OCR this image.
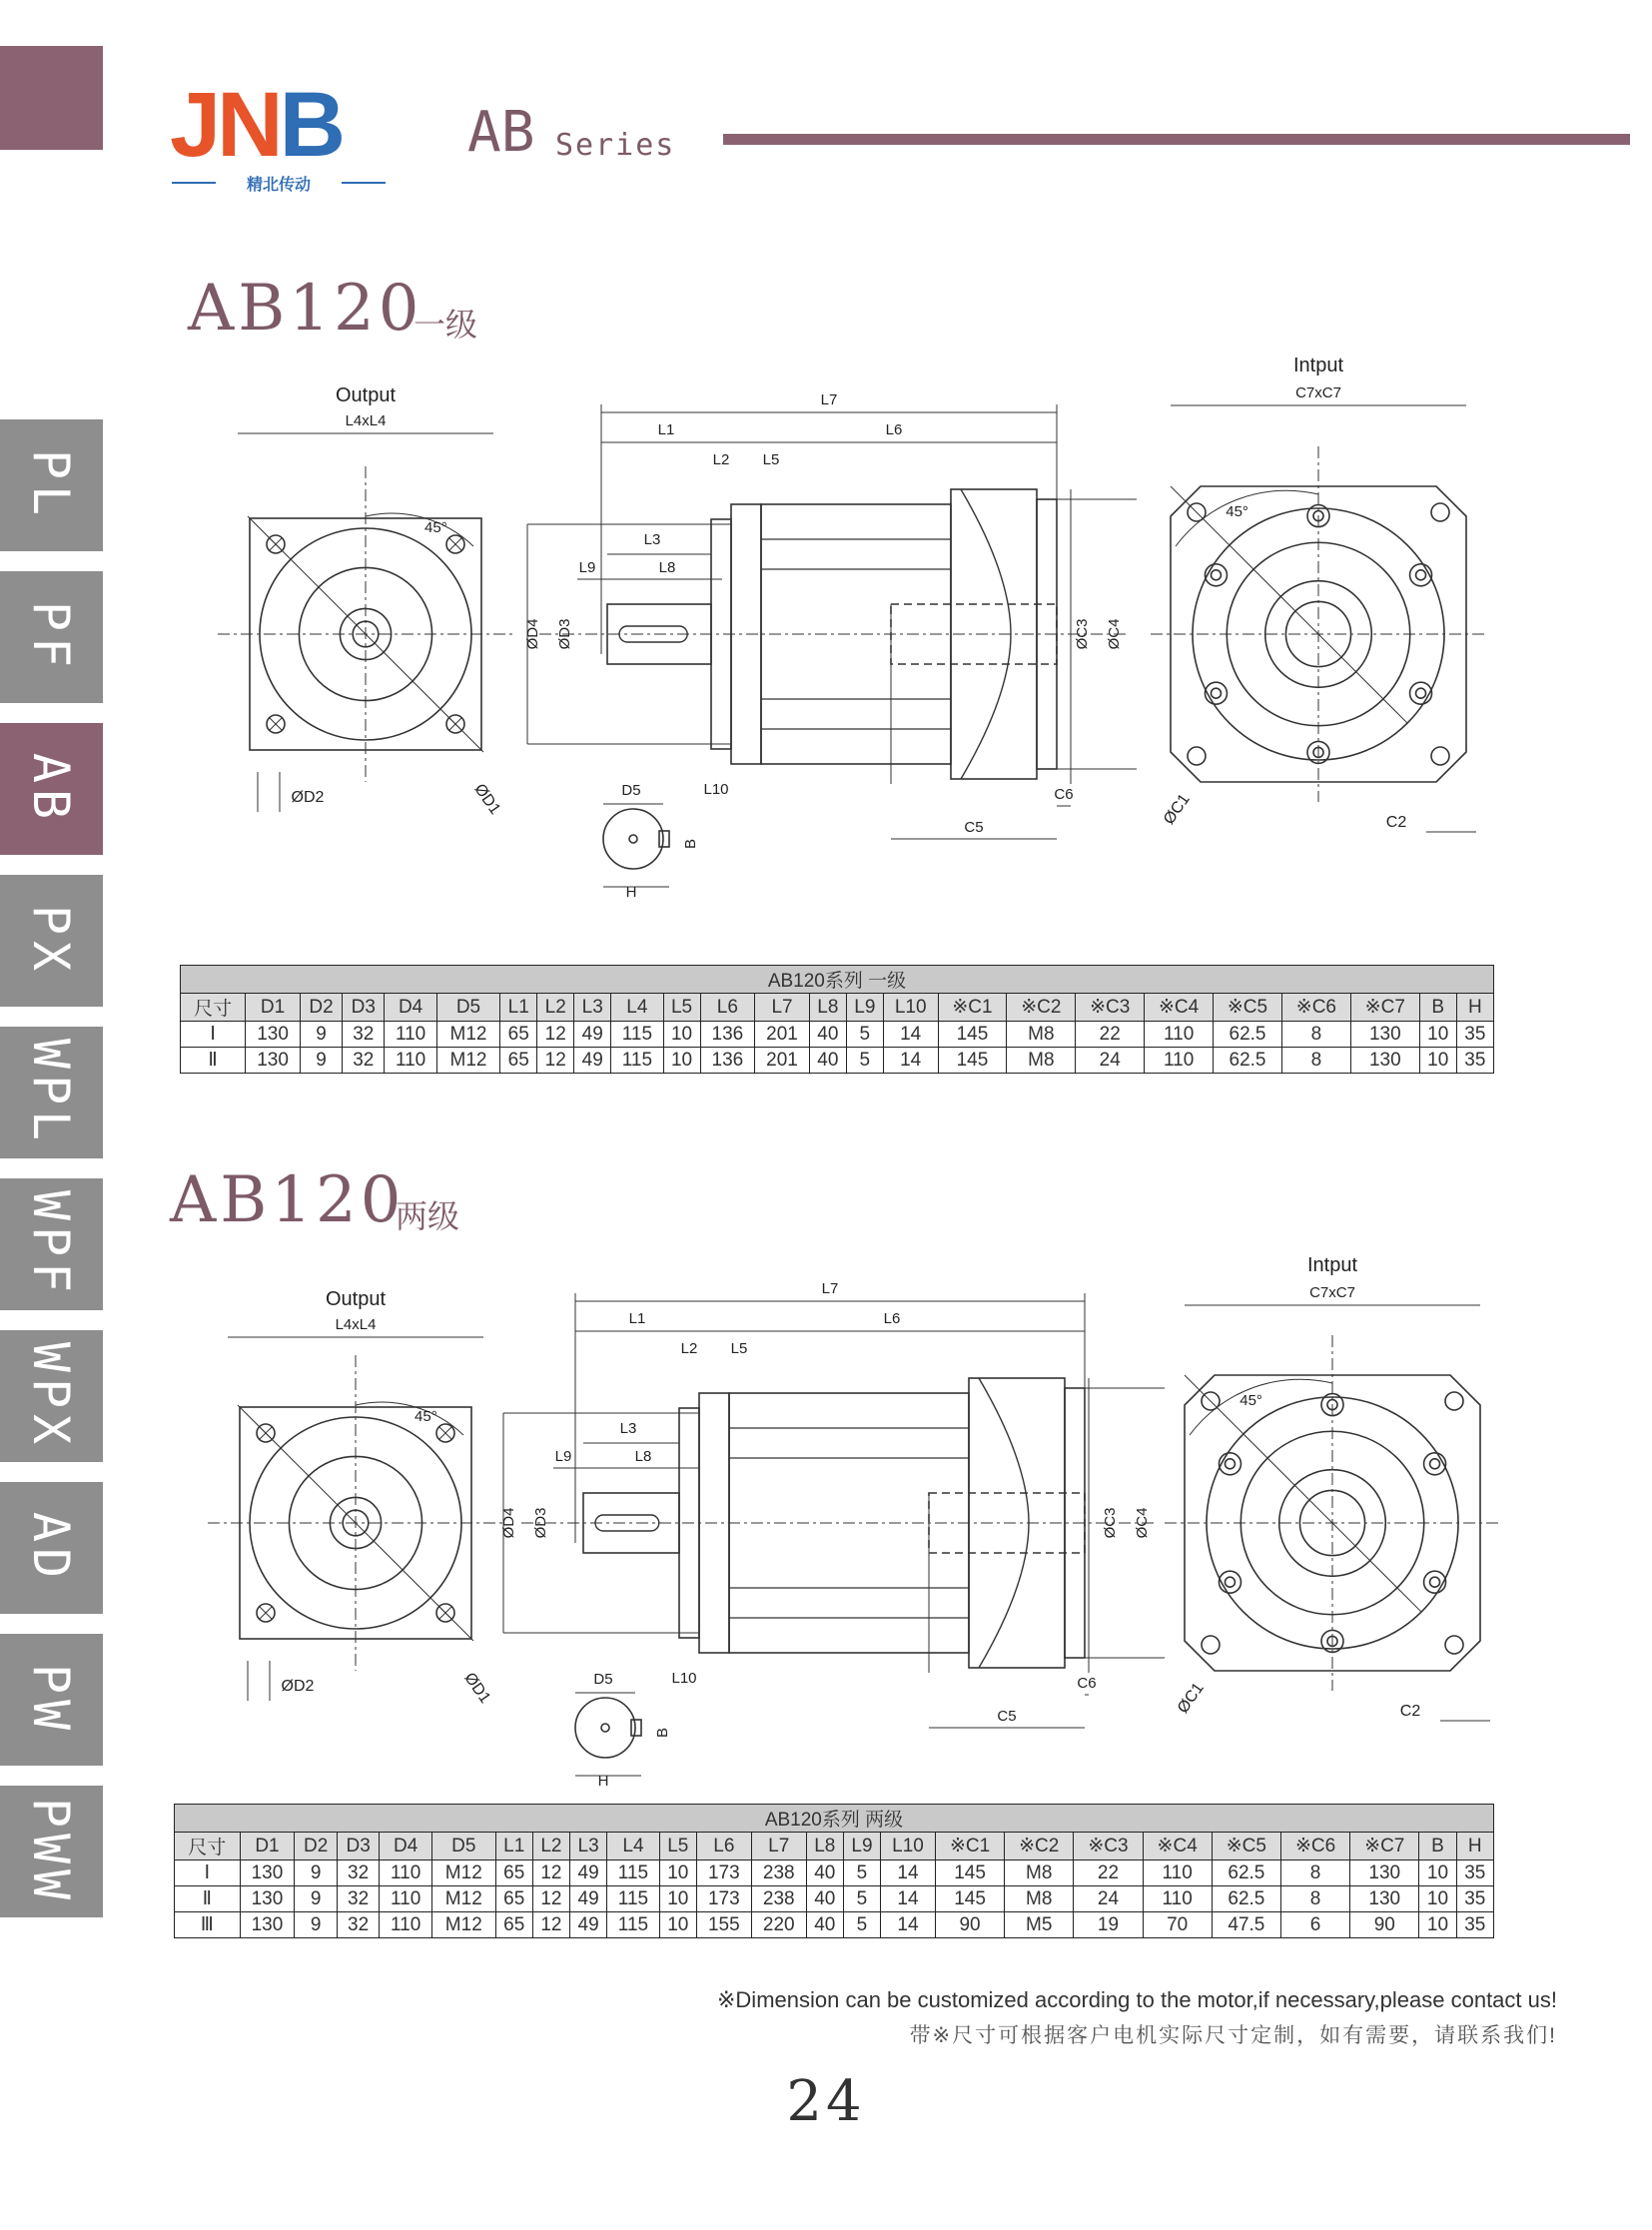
PL
PF
AB
PX
WPL
WPF
WPX
AD
PW
PWW
JNB
精北传动
AB Series
AB120
一级
AB120
两级
Output
L4xL4
45°
ØD2	ØD1
L7
L1	L6
L2 L5
L3
L9	L8
ØD3
ØD4	ØC3 ØC4
C6
C5
L10
D5
H
B
Intput
C7xC7
45°
ØC1	C2
Output
L4xL4
45°
ØD2	ØD1
L7
L1	L6
L2 L5
L3
L9	L8
ØD3
ØD4	ØC3 ØC4
C6
C5
L10
D5
H
B
Intput
C7xC7
45°
ØC1	C2
AB120系列 一级																								
尺寸	D1	D2	D3	D4	D5	L1	L2	L3	L4	L5	L6	L7	L8	L9	L10	※C1	※C2	※C3	※C4	※C5	※C6	※C7	B	H
Ⅰ	130	9	32	110	M12	65	12	49	115	10	136	201	40	5	14	145	M8	22	110	62.5	8	130	10	35
Ⅱ	130	9	32	110	M12	65	12	49	115	10	136	201	40	5	14	145	M8	24	110	62.5	8	130	10	35
AB120系列 两级																								
尺寸	D1	D2	D3	D4	D5	L1	L2	L3	L4	L5	L6	L7	L8	L9	L10	※C1	※C2	※C3	※C4	※C5	※C6	※C7	B	H
Ⅰ	130	9	32	110	M12	65	12	49	115	10	173	238	40	5	14	145	M8	22	110	62.5	8	130	10	35
Ⅱ	130	9	32	110	M12	65	12	49	115	10	173	238	40	5	14	145	M8	24	110	62.5	8	130	10	35
Ⅲ	130	9	32	110	M12	65	12	49	115	10	155	220	40	5	14	90	M5	19	70	47.5	6	90	10	35
※Dimension can be customized according to the motor,if necessary,please contact us!
带※尺寸可根据客户电机实际尺寸定制，如有需要，请联系我们!
24
